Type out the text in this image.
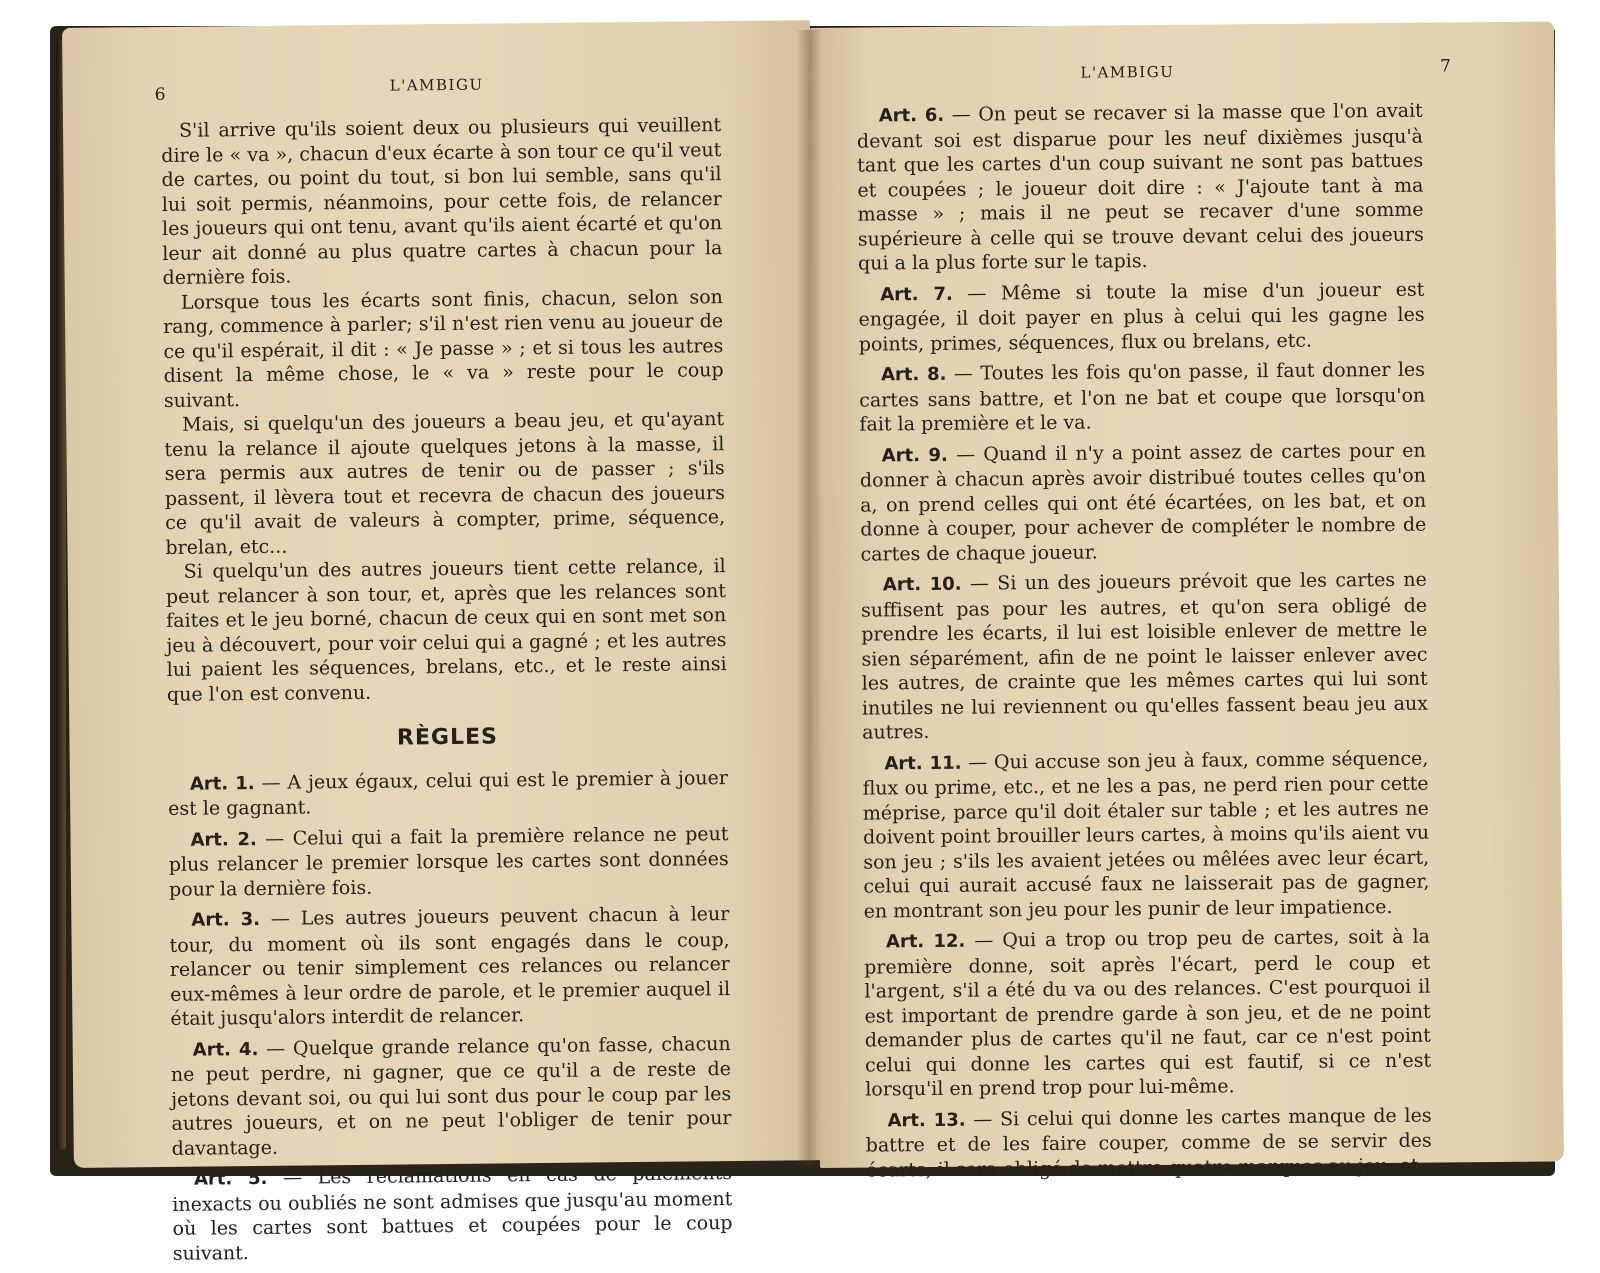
6	L'AMBIGU

S'il arrive qu'ils soient deux ou plusieurs qui veuillent dire le « va », chacun d'eux écarte à son tour ce qu'il veut de cartes, ou point du tout, si bon lui semble, sans qu'il lui soit permis, néanmoins, pour cette fois, de relancer les joueurs qui ont tenu, avant qu'ils aient écarté et qu'on leur ait donné au plus quatre cartes à chacun pour la dernière fois.

Lorsque tous les écarts sont finis, chacun, selon son rang, commence à parler; s'il n'est rien venu au joueur de ce qu'il espérait, il dit : « Je passe » ; et si tous les autres disent la même chose, le « va » reste pour le coup suivant.

Mais, si quelqu'un des joueurs a beau jeu, et qu'ayant tenu la relance il ajoute quelques jetons à la masse, il sera permis aux autres de tenir ou de passer ; s'ils passent, il lèvera tout et recevra de chacun des joueurs ce qu'il avait de valeurs à compter, prime, séquence, brelan, etc...

Si quelqu'un des autres joueurs tient cette relance, il peut relancer à son tour, et, après que les relances sont faites et le jeu borné, chacun de ceux qui en sont met son jeu à découvert, pour voir celui qui a gagné ; et les autres lui paient les séquences, brelans, etc., et le reste ainsi que l'on est convenu.

RÈGLES

Art. 1. — A jeux égaux, celui qui est le premier à jouer est le gagnant.

Art. 2. — Celui qui a fait la première relance ne peut plus relancer le premier lorsque les cartes sont données pour la dernière fois.

Art. 3. — Les autres joueurs peuvent chacun à leur tour, du moment où ils sont engagés dans le coup, relancer ou tenir simplement ces relances ou relancer eux-mêmes à leur ordre de parole, et le premier auquel il était jusqu'alors interdit de relancer.

Art. 4. — Quelque grande relance qu'on fasse, chacun ne peut perdre, ni gagner, que ce qu'il a de reste de jetons devant soi, ou qui lui sont dus pour le coup par les autres joueurs, et on ne peut l'obliger de tenir pour davantage.

Art. 5. — Les réclamations en cas de paiements inexacts ou oubliés ne sont admises que jusqu'au moment où les cartes sont battues et coupées pour le coup suivant.

L'AMBIGU	7

Art. 6. — On peut se recaver si la masse que l'on avait devant soi est disparue pour les neuf dixièmes jusqu'à tant que les cartes d'un coup suivant ne sont pas battues et coupées ; le joueur doit dire : « J'ajoute tant à ma masse » ; mais il ne peut se recaver d'une somme supérieure à celle qui se trouve devant celui des joueurs qui a la plus forte sur le tapis.

Art. 7. — Même si toute la mise d'un joueur est engagée, il doit payer en plus à celui qui les gagne les points, primes, séquences, flux ou brelans, etc.

Art. 8. — Toutes les fois qu'on passe, il faut donner les cartes sans battre, et l'on ne bat et coupe que lorsqu'on fait la première et le va.

Art. 9. — Quand il n'y a point assez de cartes pour en donner à chacun après avoir distribué toutes celles qu'on a, on prend celles qui ont été écartées, on les bat, et on donne à couper, pour achever de compléter le nombre de cartes de chaque joueur.

Art. 10. — Si un des joueurs prévoit que les cartes ne suffisent pas pour les autres, et qu'on sera obligé de prendre les écarts, il lui est loisible enlever de mettre le sien séparément, afin de ne point le laisser enlever avec les autres, de crainte que les mêmes cartes qui lui sont inutiles ne lui reviennent ou qu'elles fassent beau jeu aux autres.

Art. 11. — Qui accuse son jeu à faux, comme séquence, flux ou prime, etc., et ne les a pas, ne perd rien pour cette méprise, parce qu'il doit étaler sur table ; et les autres ne doivent point brouiller leurs cartes, à moins qu'ils aient vu son jeu ; s'ils les avaient jetées ou mêlées avec leur écart, celui qui aurait accusé faux ne laisserait pas de gagner, en montrant son jeu pour les punir de leur impatience.

Art. 12. — Qui a trop ou trop peu de cartes, soit à la première donne, soit après l'écart, perd le coup et l'argent, s'il a été du va ou des relances. C'est pourquoi il est important de prendre garde à son jeu, et de ne point demander plus de cartes qu'il ne faut, car ce n'est point celui qui donne les cartes qui est fautif, si ce n'est lorsqu'il en prend trop pour lui-même.

Art. 13. — Si celui qui donne les cartes manque de les battre et de les faire couper, comme de se servir des écarts, il sera obligé de mettre quatre marques au jeu, et
